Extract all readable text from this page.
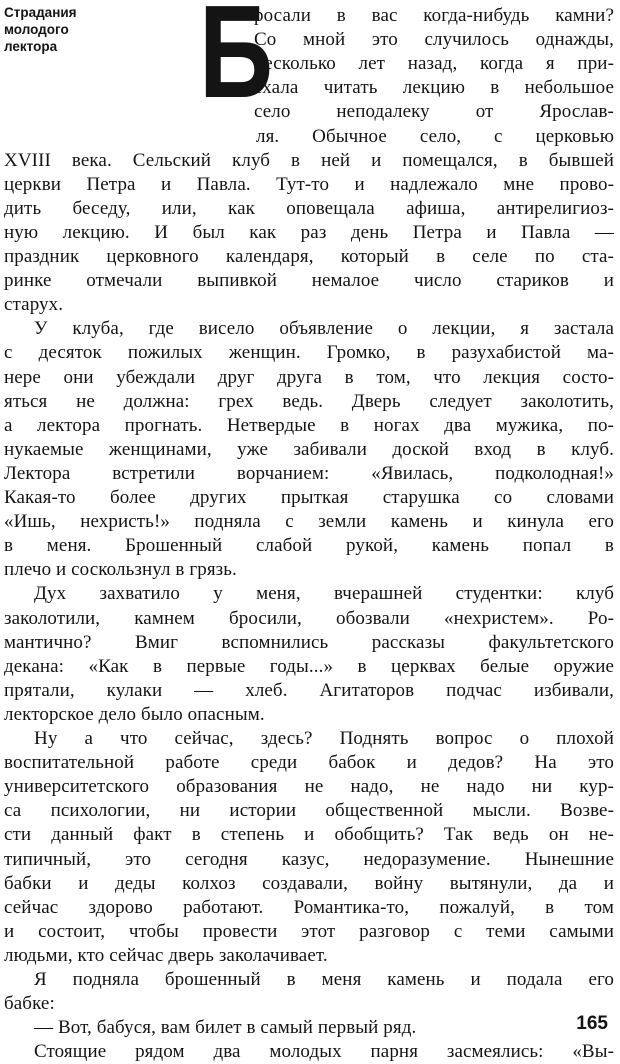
Страдания
молодого
лектора	Б
росали в вас когда-нибудь камни?
Со мной это случилось однажды,
несколько лет назад, когда я при-
ехала читать лекцию в небольшое
село неподалеку от Ярослав-
ля. Обычное село, с церковью
XVIII века. Сельский клуб в ней и помещался, в бывшей
церкви Петра и Павла. Тут-то и надлежало мне прово-
дить беседу, или, как оповещала афиша, антирелигиоз-
ную лекцию. И был как раз день Петра и Павла —
праздник церковного календаря, который в селе по ста-
ринке отмечали выпивкой немалое число стариков и
старух.
У клуба, где висело объявление о лекции, я застала
с десяток пожилых женщин. Громко, в разухабистой ма-
нере они убеждали друг друга в том, что лекция состо-
яться не должна: грех ведь. Дверь следует заколотить,
а лектора прогнать. Нетвердые в ногах два мужика, по-
нукаемые женщинами, уже забивали доской вход в клуб.
Лектора встретили ворчанием: «Явилась, подколодная!»
Какая-то более других прыткая старушка со словами
«Ишь, нехристь!» подняла с земли камень и кинула его
в меня. Брошенный слабой рукой, камень попал в
плечо и соскользнул в грязь.
Дух захватило у меня, вчерашней студентки: клуб
заколотили, камнем бросили, обозвали «нехристем». Ро-
мантично? Вмиг вспомнились рассказы факультетского
декана: «Как в первые годы...» в церквах белые оружие
прятали, кулаки — хлеб. Агитаторов подчас избивали,
лекторское дело было опасным.
Ну а что сейчас, здесь? Поднять вопрос о плохой
воспитательной работе среди бабок и дедов? На это
университетского образования не надо, не надо ни кур-
са психологии, ни истории общественной мысли. Возве-
сти данный факт в степень и обобщить? Так ведь он не-
типичный, это сегодня казус, недоразумение. Нынешние
бабки и деды колхоз создавали, войну вытянули, да и
сейчас здорово работают. Романтика-то, пожалуй, в том
и состоит, чтобы провести этот разговор с теми самыми
людьми, кто сейчас дверь заколачивает.
Я подняла брошенный в меня камень и подала его
бабке:
— Вот, бабуся, вам билет в самый первый ряд.
Стоящие рядом два молодых парня засмеялись: «Вы-
165
